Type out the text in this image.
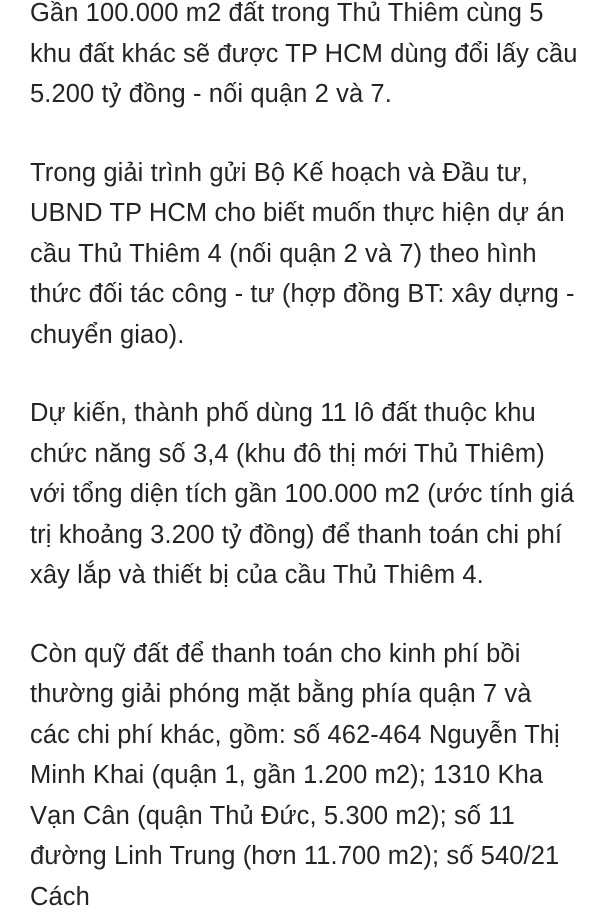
Gần 100.000 m2 đất trong Thủ Thiêm cùng 5 khu đất khác sẽ được TP HCM dùng đổi lấy cầu 5.200 tỷ đồng - nối quận 2 và 7.

Trong giải trình gửi Bộ Kế hoạch và Đầu tư, UBND TP HCM cho biết muốn thực hiện dự án cầu Thủ Thiêm 4 (nối quận 2 và 7) theo hình thức đối tác công - tư (hợp đồng BT: xây dựng - chuyển giao).

Dự kiến, thành phố dùng 11 lô đất thuộc khu chức năng số 3,4 (khu đô thị mới Thủ Thiêm) với tổng diện tích gần 100.000 m2 (ước tính giá trị khoảng 3.200 tỷ đồng) để thanh toán chi phí xây lắp và thiết bị của cầu Thủ Thiêm 4.

Còn quỹ đất để thanh toán cho kinh phí bồi thường giải phóng mặt bằng phía quận 7 và các chi phí khác, gồm: số 462-464 Nguyễn Thị Minh Khai (quận 1, gần 1.200 m2); 1310 Kha Vạn Cân (quận Thủ Đức, 5.300 m2); số 11 đường Linh Trung (hơn 11.700 m2); số 540/21 Cách
